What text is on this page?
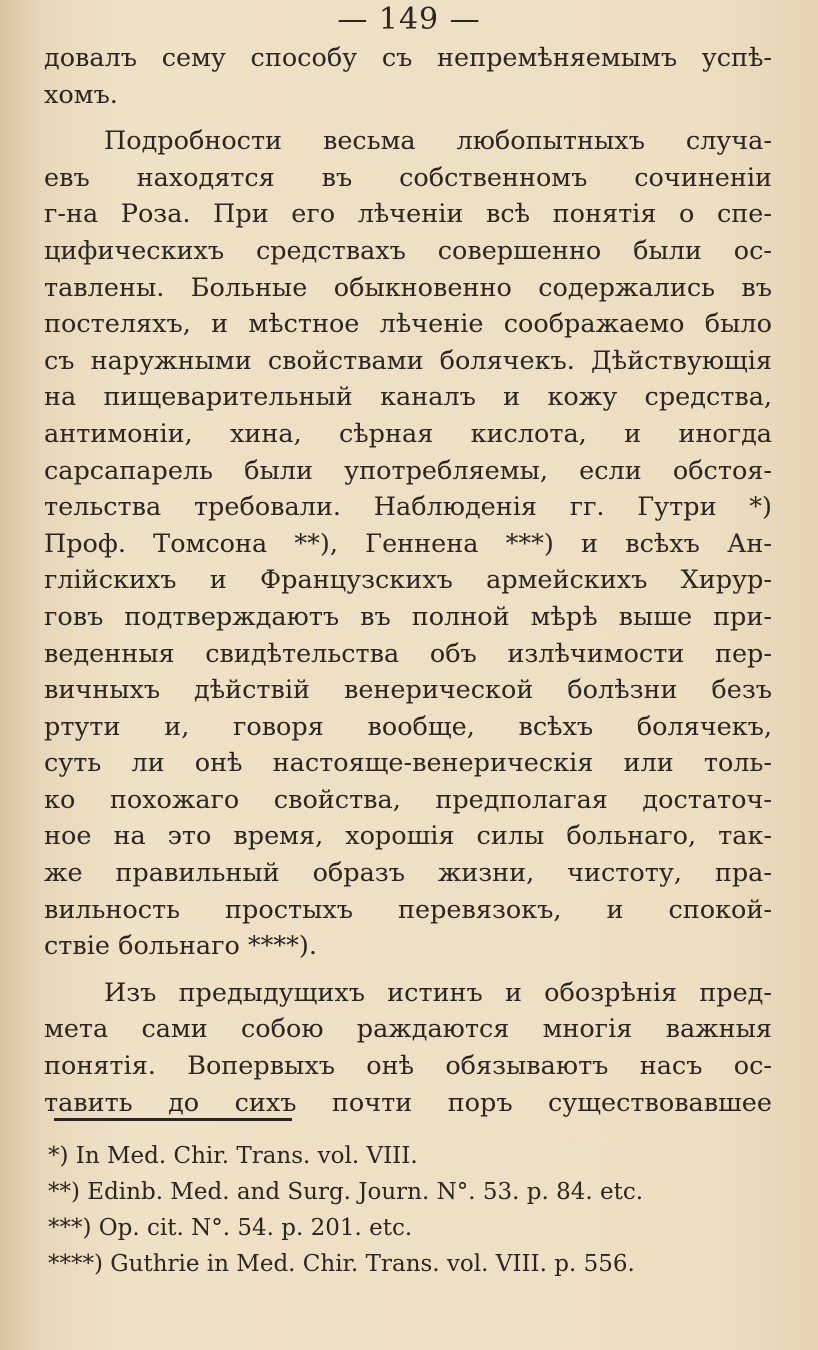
— 149 —
довалъ сему способу съ непремѣняемымъ успѣ-
хомъ.
Подробности весьма любопытныхъ случа-
евъ находятся въ собственномъ сочиненіи
г-на Роза. При его лѣченіи всѣ понятія о спе-
цифическихъ средствахъ совершенно были ос-
тавлены. Больные обыкновенно содержались въ
постеляхъ, и мѣстное лѣченіе соображаемо было
съ наружными свойствами болячекъ. Дѣйствующія
на пищеварительный каналъ и кожу средства,
антимоніи, хина, сѣрная кислота, и иногда
сарсапарель были употребляемы, если обстоя-
тельства требовали. Наблюденія гг. Гутри *)
Проф. Томсона **), Геннена ***) и всѣхъ Ан-
глійскихъ и Французскихъ армейскихъ Хирур-
говъ подтверждаютъ въ полной мѣрѣ выше при-
веденныя свидѣтельства объ излѣчимости пер-
вичныхъ дѣйствій венерической болѣзни безъ
ртути и, говоря вообще, всѣхъ болячекъ,
суть ли онѣ настояще-венерическія или толь-
ко похожаго свойства, предполагая достаточ-
ное на это время, хорошія силы больнаго, так-
же правильный образъ жизни, чистоту, пра-
вильность простыхъ перевязокъ, и спокой-
ствіе больнаго ****).
Изъ предыдущихъ истинъ и обозрѣнія пред-
мета сами собою раждаются многія важныя
понятія. Вопервыхъ онѣ обязываютъ насъ ос-
тавить до сихъ почти поръ существовавшее
*) In Med. Chir. Trans. vol. VIII.
**) Edinb. Med. and Surg. Journ. N°. 53. p. 84. etc.
***) Op. cit. N°. 54. p. 201. etc.
****) Guthrie in Med. Chir. Trans. vol. VIII. p. 556.
